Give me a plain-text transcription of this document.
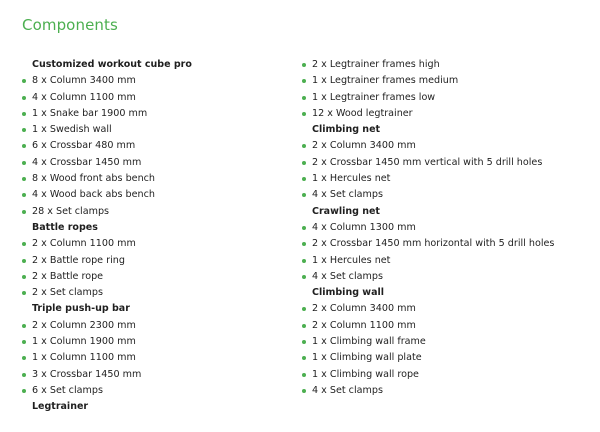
Components
Customized workout cube pro
8 x Column 3400 mm
4 x Column 1100 mm
1 x Snake bar 1900 mm
1 x Swedish wall
6 x Crossbar 480 mm
4 x Crossbar 1450 mm
8 x Wood front abs bench
4 x Wood back abs bench
28 x Set clamps
Battle ropes
2 x Column 1100 mm
2 x Battle rope ring
2 x Battle rope
2 x Set clamps
Triple push-up bar
2 x Column 2300 mm
1 x Column 1900 mm
1 x Column 1100 mm
3 x Crossbar 1450 mm
6 x Set clamps
Legtrainer
2 x Legtrainer frames high
1 x Legtrainer frames medium
1 x Legtrainer frames low
12 x Wood legtrainer
Climbing net
2 x Column 3400 mm
2 x Crossbar 1450 mm vertical with 5 drill holes
1 x Hercules net
4 x Set clamps
Crawling net
4 x Column 1300 mm
2 x Crossbar 1450 mm horizontal with 5 drill holes
1 x Hercules net
4 x Set clamps
Climbing wall
2 x Column 3400 mm
2 x Column 1100 mm
1 x Climbing wall frame
1 x Climbing wall plate
1 x Climbing wall rope
4 x Set clamps
